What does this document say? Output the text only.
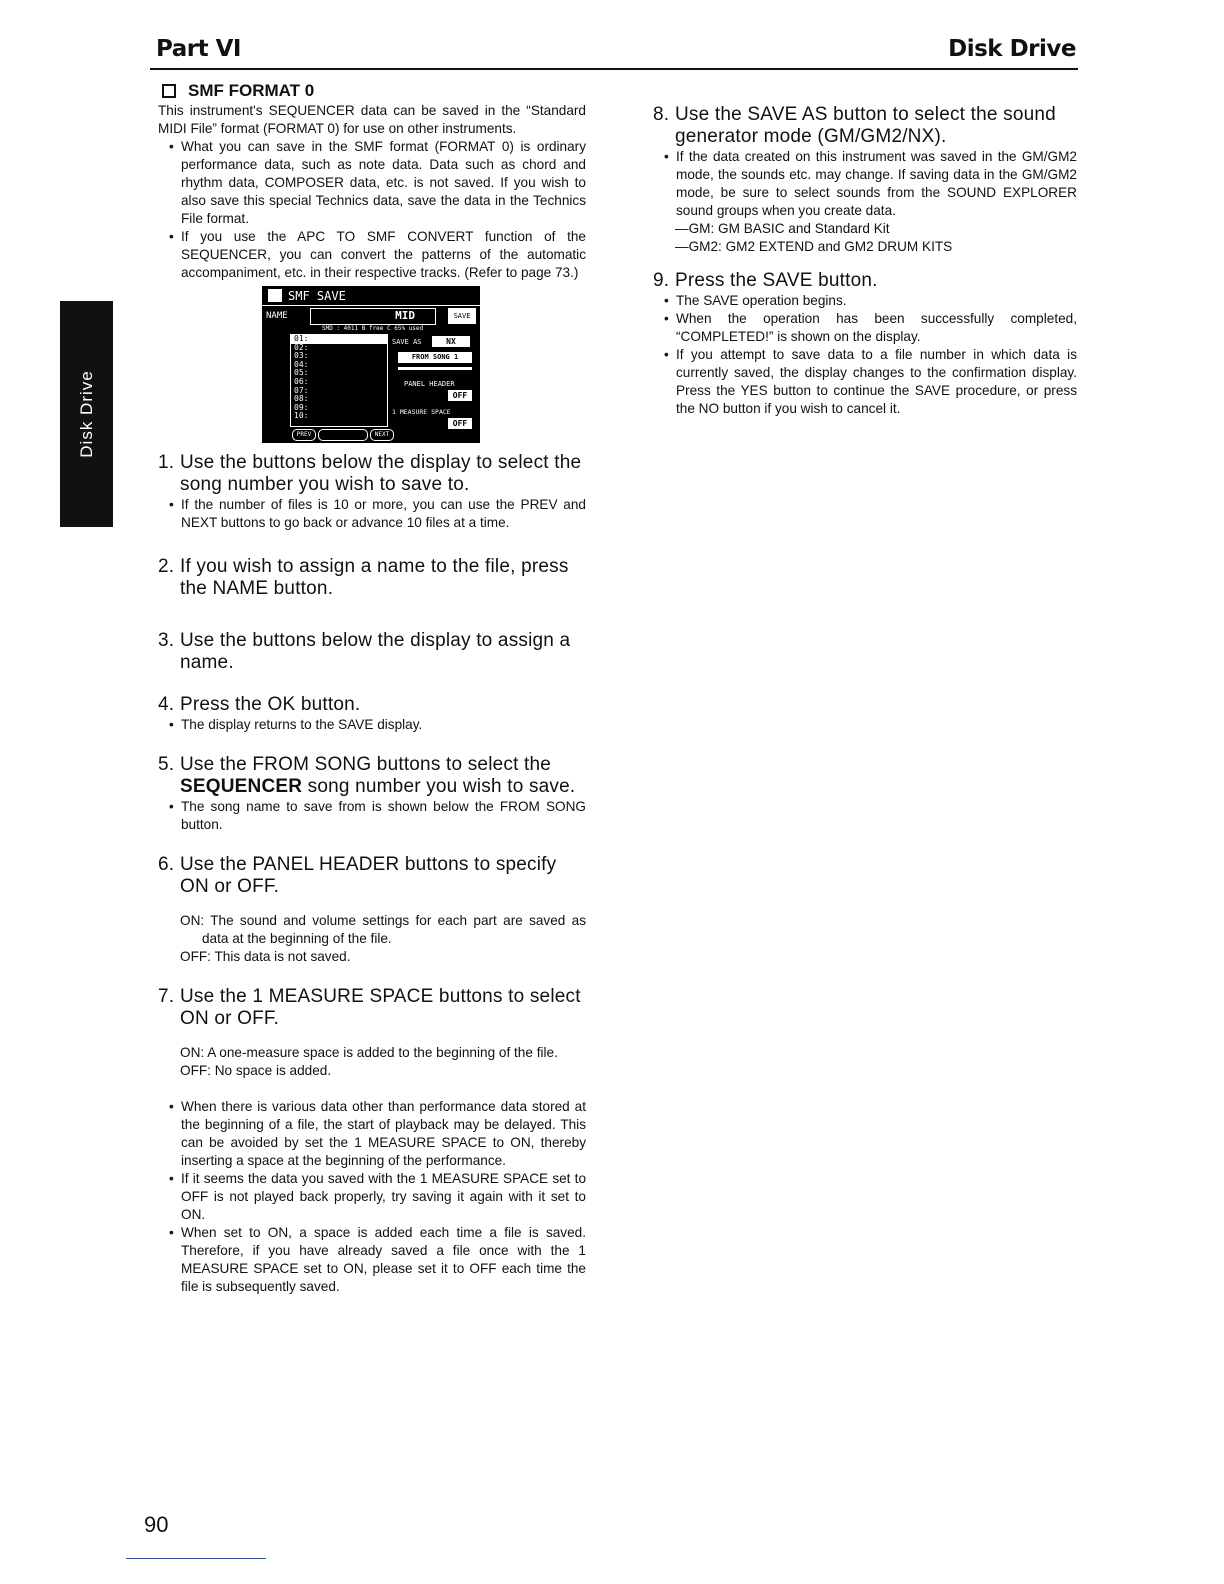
Part VI	Disk Drive
Disk Drive
SMF FORMAT 0

This instrument's SEQUENCER data can be saved in the “Standard MIDI File” format (FORMAT 0) for use on other instruments.

• What you can save in the SMF format (FORMAT 0) is ordinary performance data, such as note data. Data such as chord and rhythm data, COMPOSER data, etc. is not saved. If you wish to also save this special Technics data, save the data in the Technics File format.
• If you use the APC TO SMF CONVERT function of the SEQUENCER, you can convert the patterns of the automatic accompaniment, etc. in their respective tracks. (Refer to page 73.)
SMF SAVE
NAME	MID	SAVE
SMD : 4011 B free C 65% used
01:
02:
03:
04:
05:
06:
07:
08:
09:
10:
SAVE AS	NX
FROM SONG 1
PANEL HEADER
OFF
1 MEASURE SPACE
OFF
PREV	NEXT
1. Use the buttons below the display to select the song number you wish to save to.
• If the number of files is 10 or more, you can use the PREV and NEXT buttons to go back or advance 10 files at a time.
2. If you wish to assign a name to the file, press the NAME button.
3. Use the buttons below the display to assign a name.
4. Press the OK button.
• The display returns to the SAVE display.
5. Use the FROM SONG buttons to select the SEQUENCER song number you wish to save.
• The song name to save from is shown below the FROM SONG button.
6. Use the PANEL HEADER buttons to specify ON or OFF.

ON: The sound and volume settings for each part are saved as data at the beginning of the file.

OFF: This data is not saved.

7. Use the 1 MEASURE SPACE buttons to select ON or OFF.

ON: A one-measure space is added to the beginning of the file.

OFF: No space is added.

• When there is various data other than performance data stored at the beginning of a file, the start of playback may be delayed. This can be avoided by set the 1 MEASURE SPACE to ON, thereby inserting a space at the beginning of the performance.
• If it seems the data you saved with the 1 MEASURE SPACE set to OFF is not played back properly, try saving it again with it set to ON.
• When set to ON, a space is added each time a file is saved. Therefore, if you have already saved a file once with the 1 MEASURE SPACE set to ON, please set it to OFF each time the file is subsequently saved.
8. Use the SAVE AS button to select the sound generator mode (GM/GM2/NX).
• If the data created on this instrument was saved in the GM/GM2 mode, the sounds etc. may change. If saving data in the GM/GM2 mode, be sure to select sounds from the SOUND EXPLORER sound groups when you create data.

—GM: GM BASIC and Standard Kit

—GM2: GM2 EXTEND and GM2 DRUM KITS

9. Press the SAVE button.
• The SAVE operation begins.
• When the operation has been successfully completed, “COMPLETED!” is shown on the display.
• If you attempt to save data to a file number in which data is currently saved, the display changes to the confirmation display. Press the YES button to continue the SAVE procedure, or press the NO button if you wish to cancel it.
90
